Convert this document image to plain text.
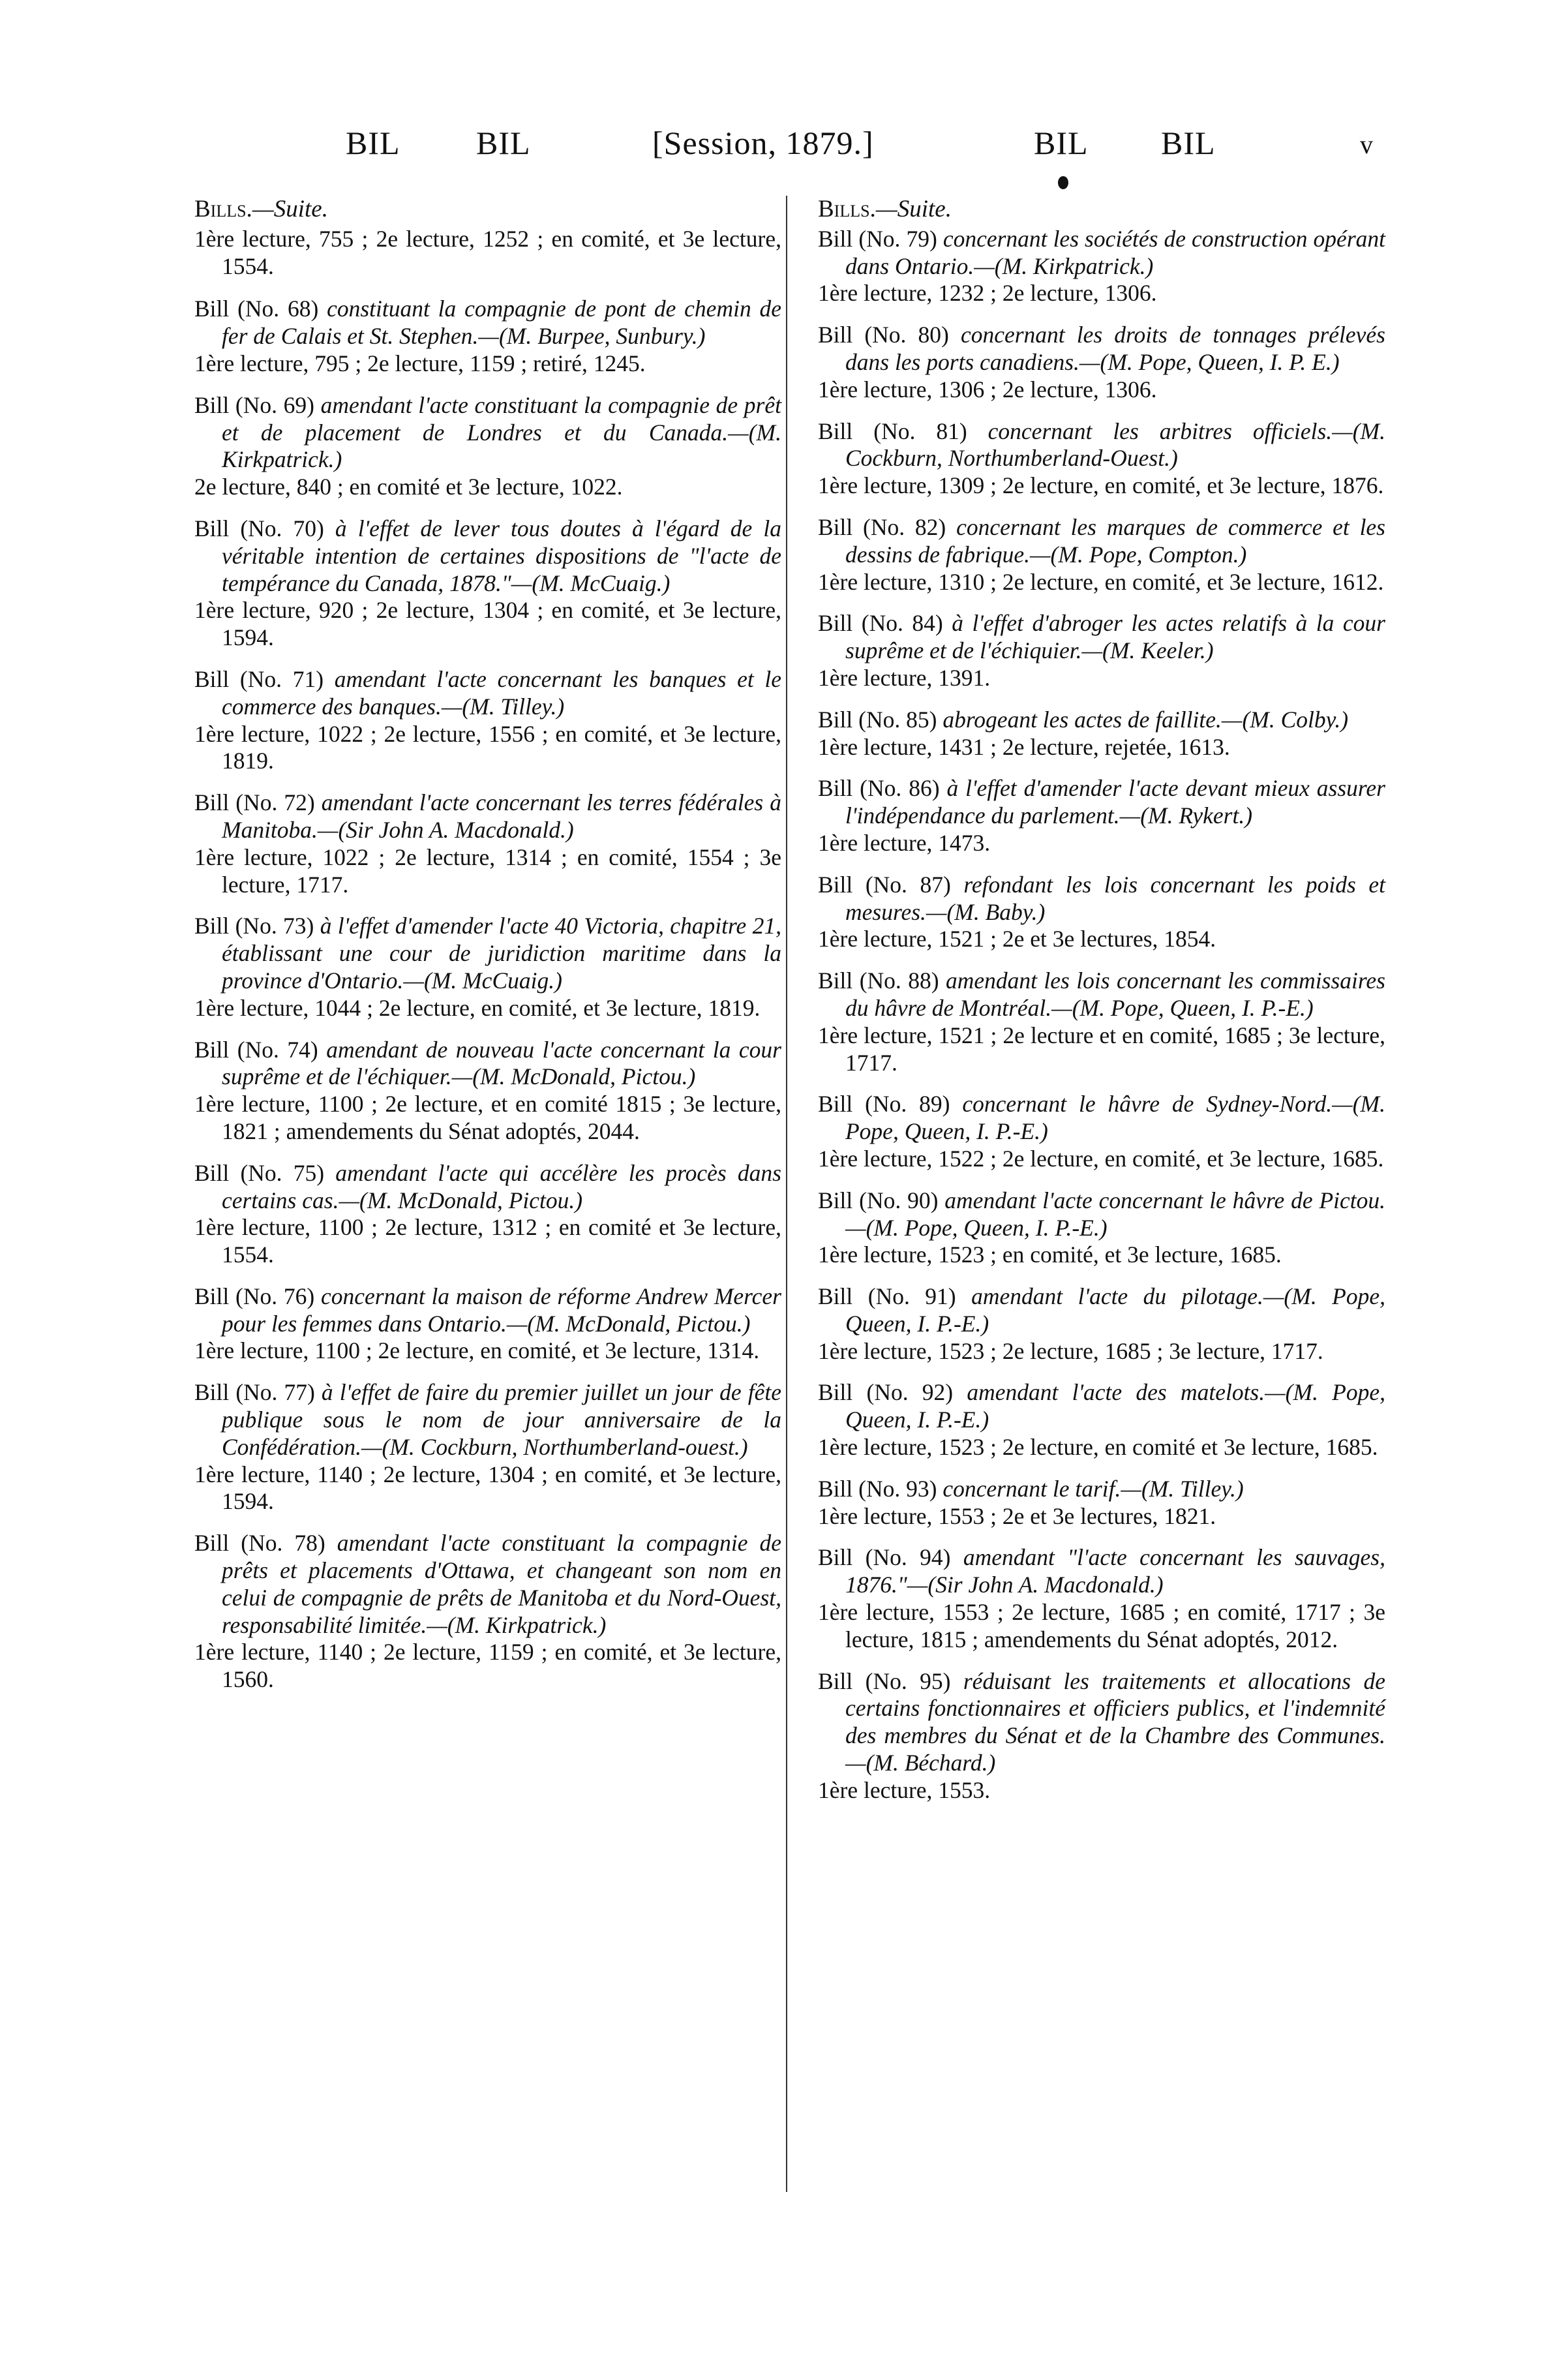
BIL BIL	[Session, 1879.]	BIL BIL	v
Bills.—Suite.

1ère lecture, 755 ; 2e lecture, 1252 ; en comité, et 3e lecture, 1554.

Bill (No. 68) constituant la compagnie de pont de chemin de fer de Calais et St. Stephen.—(M. Burpee, Sunbury.)
1ère lecture, 795 ; 2e lecture, 1159 ; retiré, 1245.

Bill (No. 69) amendant l'acte constituant la compagnie de prêt et de placement de Londres et du Canada.—(M. Kirkpatrick.)
2e lecture, 840 ; en comité et 3e lecture, 1022.

Bill (No. 70) à l'effet de lever tous doutes à l'égard de la véritable intention de certaines dispositions de "l'acte de tempérance du Canada, 1878."—(M. McCuaig.)
1ère lecture, 920 ; 2e lecture, 1304 ; en comité, et 3e lecture, 1594.

Bill (No. 71) amendant l'acte concernant les banques et le commerce des banques.—(M. Tilley.)
1ère lecture, 1022 ; 2e lecture, 1556 ; en comité, et 3e lecture, 1819.

Bill (No. 72) amendant l'acte concernant les terres fédérales à Manitoba.—(Sir John A. Macdonald.)
1ère lecture, 1022 ; 2e lecture, 1314 ; en comité, 1554 ; 3e lecture, 1717.

Bill (No. 73) à l'effet d'amender l'acte 40 Victoria, chapitre 21, établissant une cour de juridiction maritime dans la province d'Ontario.—(M. McCuaig.)
1ère lecture, 1044 ; 2e lecture, en comité, et 3e lecture, 1819.

Bill (No. 74) amendant de nouveau l'acte concernant la cour suprême et de l'échiquer.—(M. McDonald, Pictou.)
1ère lecture, 1100 ; 2e lecture, et en comité 1815 ; 3e lecture, 1821 ; amendements du Sénat adoptés, 2044.

Bill (No. 75) amendant l'acte qui accélère les procès dans certains cas.—(M. McDonald, Pictou.)
1ère lecture, 1100 ; 2e lecture, 1312 ; en comité et 3e lecture, 1554.

Bill (No. 76) concernant la maison de réforme Andrew Mercer pour les femmes dans Ontario.—(M. McDonald, Pictou.)
1ère lecture, 1100 ; 2e lecture, en comité, et 3e lecture, 1314.

Bill (No. 77) à l'effet de faire du premier juillet un jour de fête publique sous le nom de jour anniversaire de la Confédération.—(M. Cockburn, Northumberland-ouest.)
1ère lecture, 1140 ; 2e lecture, 1304 ; en comité, et 3e lecture, 1594.

Bill (No. 78) amendant l'acte constituant la compagnie de prêts et placements d'Ottawa, et changeant son nom en celui de compagnie de prêts de Manitoba et du Nord-Ouest, responsabilité limitée.—(M. Kirkpatrick.)
1ère lecture, 1140 ; 2e lecture, 1159 ; en comité, et 3e lecture, 1560.

Bills.—Suite.

Bill (No. 79) concernant les sociétés de construction opérant dans Ontario.—(M. Kirkpatrick.)
1ère lecture, 1232 ; 2e lecture, 1306.

Bill (No. 80) concernant les droits de tonnages prélevés dans les ports canadiens.—(M. Pope, Queen, I. P. E.)
1ère lecture, 1306 ; 2e lecture, 1306.

Bill (No. 81) concernant les arbitres officiels.—(M. Cockburn, Northumberland-Ouest.)
1ère lecture, 1309 ; 2e lecture, en comité, et 3e lecture, 1876.

Bill (No. 82) concernant les marques de commerce et les dessins de fabrique.—(M. Pope, Compton.)
1ère lecture, 1310 ; 2e lecture, en comité, et 3e lecture, 1612.

Bill (No. 84) à l'effet d'abroger les actes relatifs à la cour suprême et de l'échiquier.—(M. Keeler.)
1ère lecture, 1391.

Bill (No. 85) abrogeant les actes de faillite.—(M. Colby.)
1ère lecture, 1431 ; 2e lecture, rejetée, 1613.

Bill (No. 86) à l'effet d'amender l'acte devant mieux assurer l'indépendance du parlement.—(M. Rykert.)
1ère lecture, 1473.

Bill (No. 87) refondant les lois concernant les poids et mesures.—(M. Baby.)
1ère lecture, 1521 ; 2e et 3e lectures, 1854.

Bill (No. 88) amendant les lois concernant les commissaires du hâvre de Montréal.—(M. Pope, Queen, I. P.-E.)
1ère lecture, 1521 ; 2e lecture et en comité, 1685 ; 3e lecture, 1717.

Bill (No. 89) concernant le hâvre de Sydney-Nord.—(M. Pope, Queen, I. P.-E.)
1ère lecture, 1522 ; 2e lecture, en comité, et 3e lecture, 1685.

Bill (No. 90) amendant l'acte concernant le hâvre de Pictou.—(M. Pope, Queen, I. P.-E.)
1ère lecture, 1523 ; en comité, et 3e lecture, 1685.

Bill (No. 91) amendant l'acte du pilotage.—(M. Pope, Queen, I. P.-E.)
1ère lecture, 1523 ; 2e lecture, 1685 ; 3e lecture, 1717.

Bill (No. 92) amendant l'acte des matelots.—(M. Pope, Queen, I. P.-E.)
1ère lecture, 1523 ; 2e lecture, en comité et 3e lecture, 1685.

Bill (No. 93) concernant le tarif.—(M. Tilley.)
1ère lecture, 1553 ; 2e et 3e lectures, 1821.

Bill (No. 94) amendant "l'acte concernant les sauvages, 1876."—(Sir John A. Macdonald.)
1ère lecture, 1553 ; 2e lecture, 1685 ; en comité, 1717 ; 3e lecture, 1815 ; amendements du Sénat adoptés, 2012.

Bill (No. 95) réduisant les traitements et allocations de certains fonctionnaires et officiers publics, et l'indemnité des membres du Sénat et de la Chambre des Communes.—(M. Béchard.)
1ère lecture, 1553.
